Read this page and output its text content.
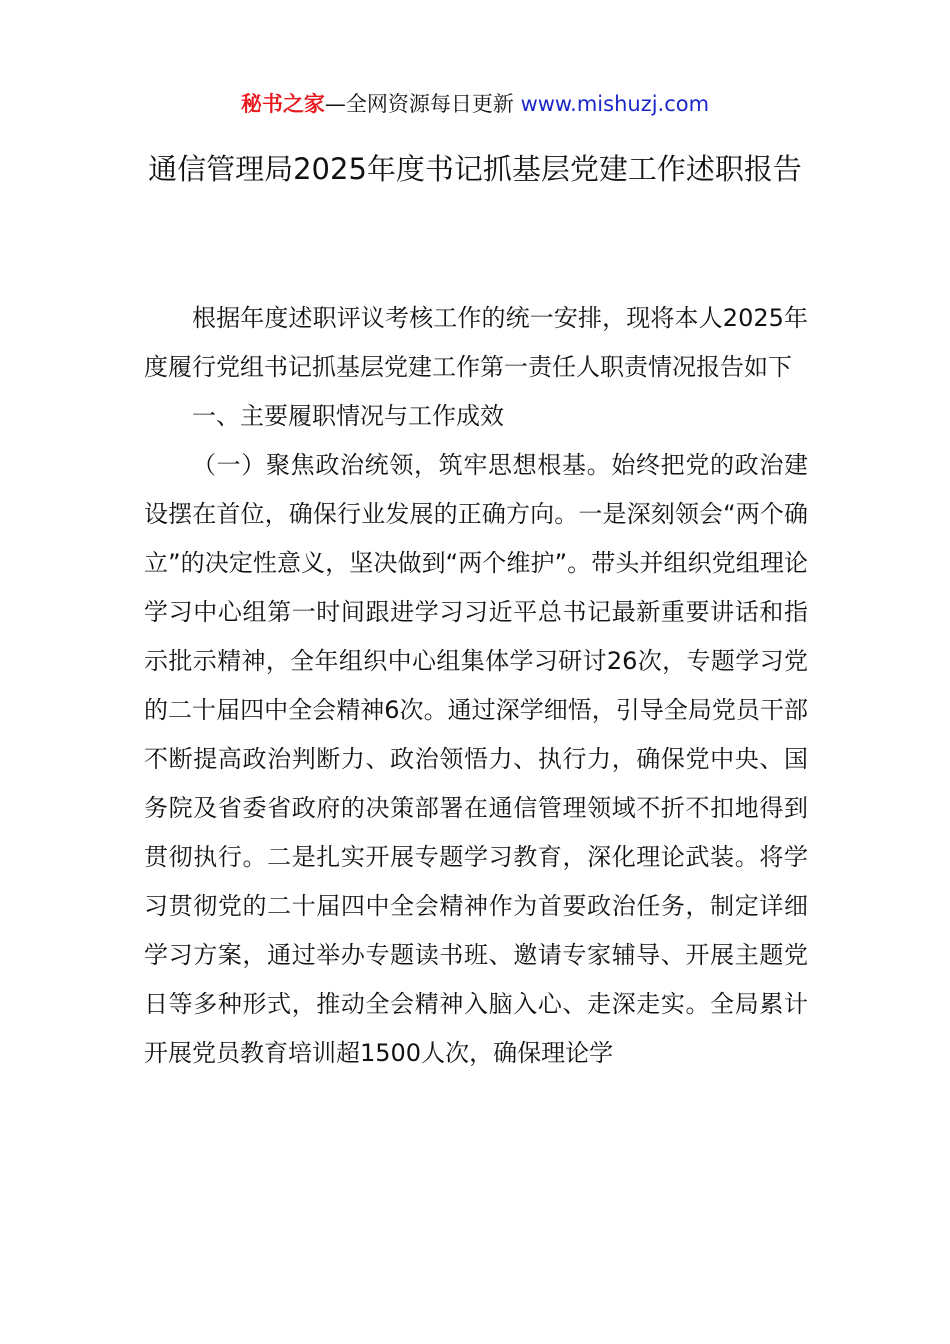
秘书之家—全网资源每日更新 www.mishuzj.com
通信管理局2025年度书记抓基层党建工作述职报告

根据年度述职评议考核工作的统一安排，现将本人2025年度履行党组书记抓基层党建工作第一责任人职责情况报告如下

一、主要履职情况与工作成效

（一）聚焦政治统领，筑牢思想根基。始终把党的政治建设摆在首位，确保行业发展的正确方向。一是深刻领会“两个确立”的决定性意义，坚决做到“两个维护”。带头并组织党组理论学习中心组第一时间跟进学习习近平总书记最新重要讲话和指示批示精神，全年组织中心组集体学习研讨26次，专题学习党的二十届四中全会精神6次。通过深学细悟，引导全局党员干部不断提高政治判断力、政治领悟力、执行力，确保党中央、国务院及省委省政府的决策部署在通信管理领域不折不扣地得到贯彻执行。二是扎实开展专题学习教育，深化理论武装。将学习贯彻党的二十届四中全会精神作为首要政治任务，制定详细学习方案，通过举办专题读书班、邀请专家辅导、开展主题党日等多种形式，推动全会精神入脑入心、走深走实。全局累计开展党员教育培训超1500人次，确保理论学
